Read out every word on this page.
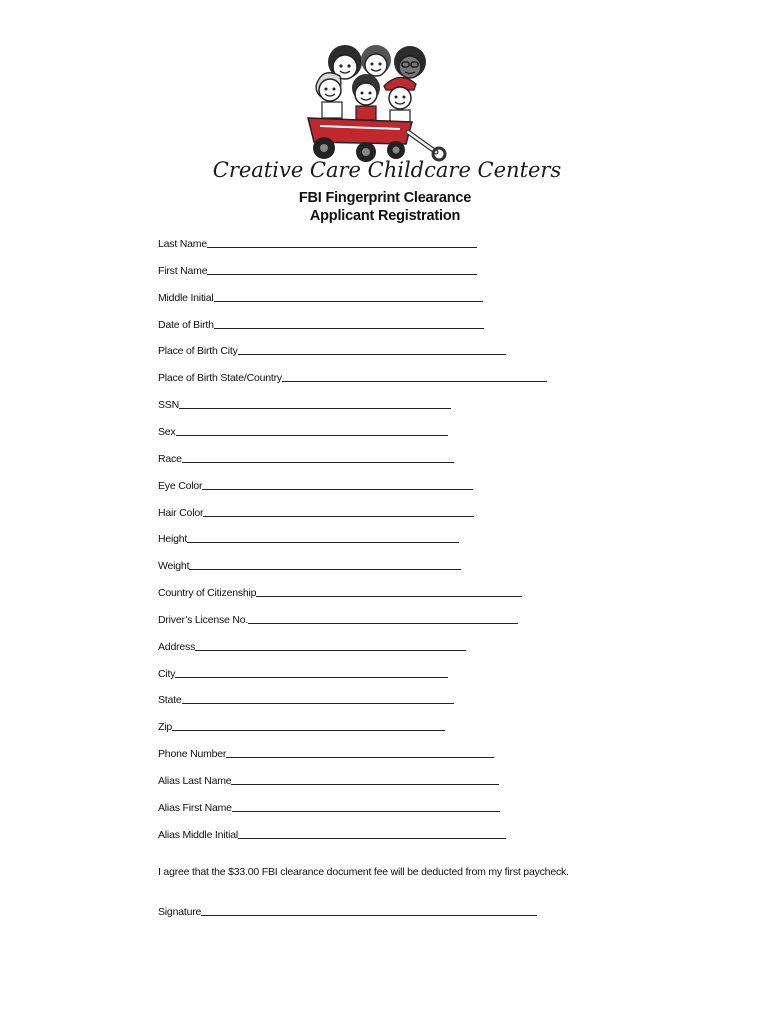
Creative Care Childcare Centers
FBI Fingerprint Clearance
Applicant Registration
Last Name
First Name
Middle Initial
Date of Birth
Place of Birth City
Place of Birth State/Country
SSN
Sex
Race
Eye Color
Hair Color
Height
Weight
Country of Citizenship
Driver’s License No.
Address
City
State
Zip
Phone Number
Alias Last Name
Alias First Name
Alias Middle Initial
I agree that the $33.00 FBI clearance document fee will be deducted from my first paycheck.
Signature
